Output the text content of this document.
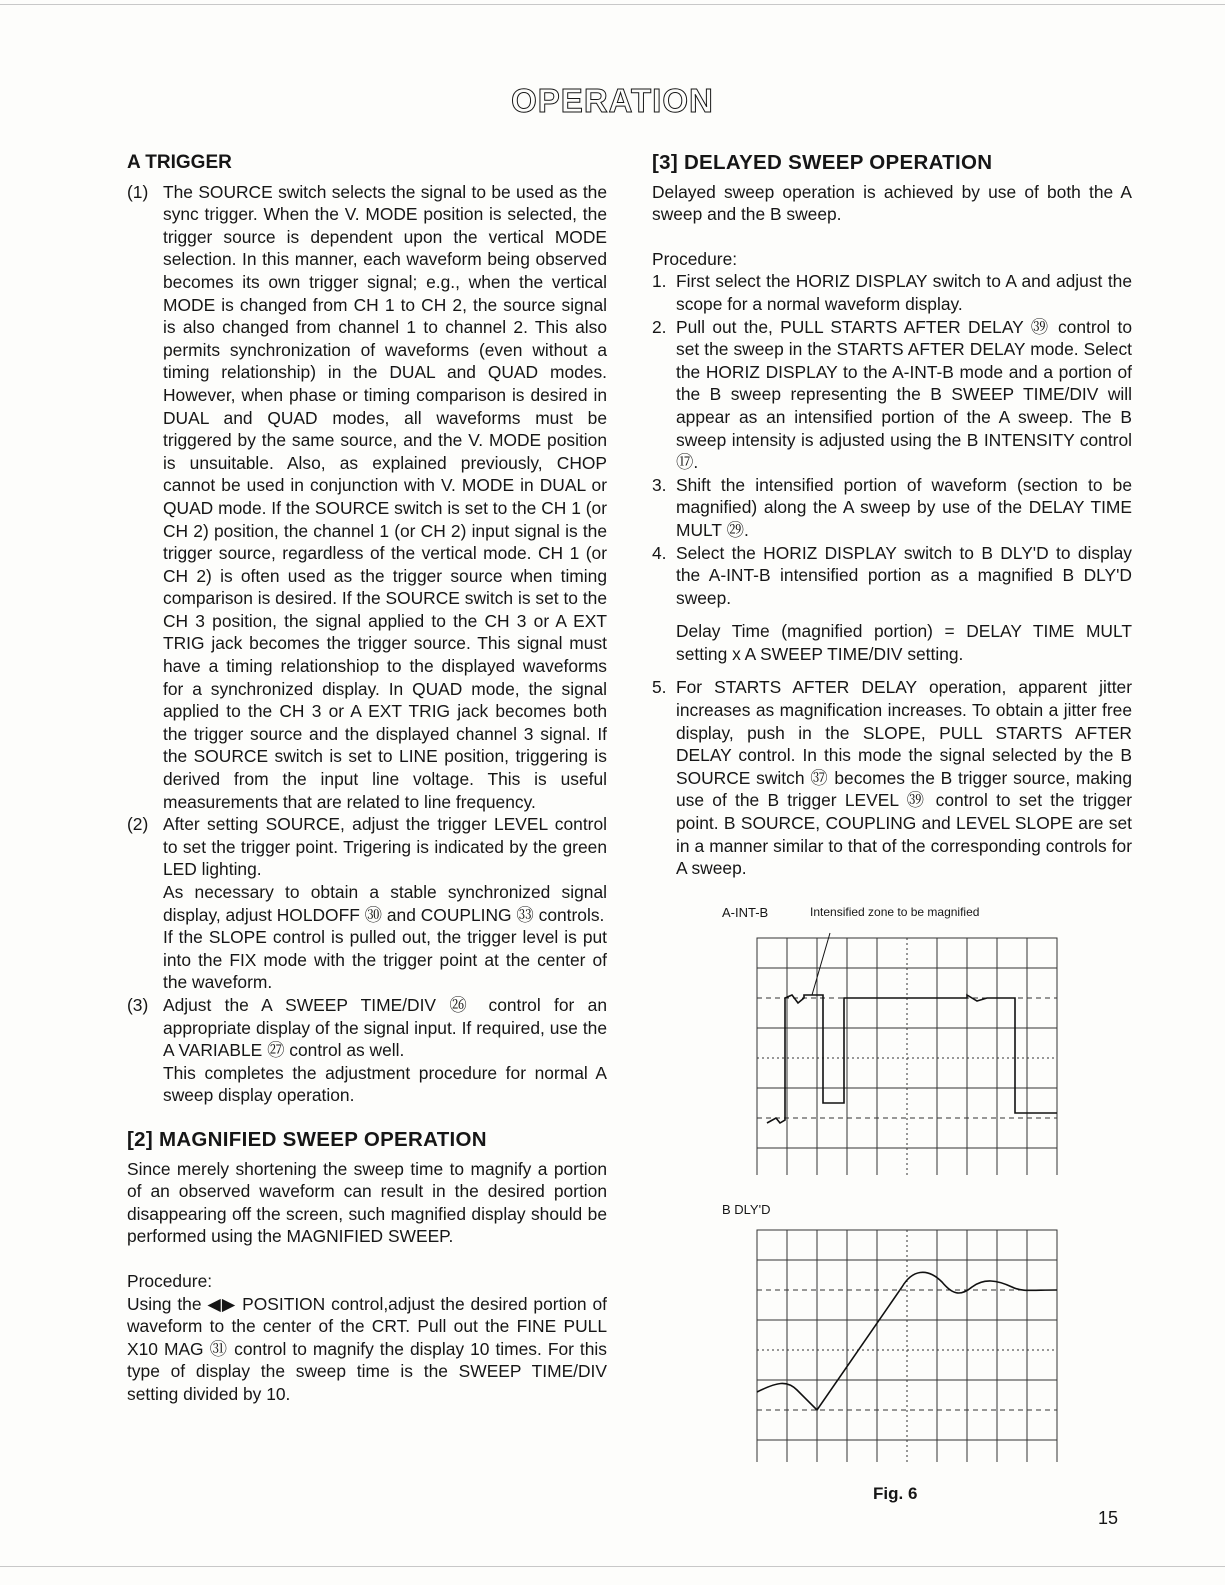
OPERATION
A TRIGGER
(1) The SOURCE switch selects the signal to be used as the sync trigger. When the V. MODE position is selected, the trigger source is dependent upon the vertical MODE selection. In this manner, each waveform being observed becomes its own trigger signal; e.g., when the vertical MODE is changed from CH 1 to CH 2, the source signal is also changed from channel 1 to channel 2. This also permits synchronization of waveforms (even without a timing relationship) in the DUAL and QUAD modes. However, when phase or timing comparison is desired in DUAL and QUAD modes, all waveforms must be triggered by the same source, and the V. MODE position is unsuitable. Also, as explained previously, CHOP cannot be used in conjunction with V. MODE in DUAL or QUAD mode. If the SOURCE switch is set to the CH 1 (or CH 2) position, the channel 1 (or CH 2) input signal is the trigger source, regardless of the vertical mode. CH 1 (or CH 2) is often used as the trigger source when timing comparison is desired. If the SOURCE switch is set to the CH 3 position, the signal applied to the CH 3 or A EXT TRIG jack becomes the trigger source. This signal must have a timing relationshiop to the displayed waveforms for a synchronized display. In QUAD mode, the signal applied to the CH 3 or A EXT TRIG jack becomes both the trigger source and the displayed channel 3 signal. If the SOURCE switch is set to LINE position, triggering is derived from the input line voltage. This is useful measurements that are related to line frequency.

(2) After setting SOURCE, adjust the trigger LEVEL control to set the trigger point. Trigering is indicated by the green LED lighting.

As necessary to obtain a stable synchronized signal display, adjust HOLDOFF ㉚ and COUPLING ㉝ controls.

If the SLOPE control is pulled out, the trigger level is put into the FIX mode with the trigger point at the center of the waveform.

(3) Adjust the A SWEEP TIME/DIV ㉖ control for an appropriate display of the signal input. If required, use the A VARIABLE ㉗ control as well.

This completes the adjustment procedure for normal A sweep display operation.

[2] MAGNIFIED SWEEP OPERATION

Since merely shortening the sweep time to magnify a portion of an observed waveform can result in the desired portion disappearing off the screen, such magnified display should be performed using the MAGNIFIED SWEEP.

Procedure:

Using the ◀▶ POSITION control,adjust the desired portion of waveform to the center of the CRT. Pull out the FINE PULL X10 MAG ㉛ control to magnify the display 10 times. For this type of display the sweep time is the SWEEP TIME/DIV setting divided by 10.

[3] DELAYED SWEEP OPERATION

Delayed sweep operation is achieved by use of both the A sweep and the B sweep.

Procedure:

1. First select the HORIZ DISPLAY switch to A and adjust the scope for a normal waveform display.
2. Pull out the, PULL STARTS AFTER DELAY ㊴ control to set the sweep in the STARTS AFTER DELAY mode. Select the HORIZ DISPLAY to the A-INT-B mode and a portion of the B sweep representing the B SWEEP TIME/DIV will appear as an intensified portion of the A sweep. The B sweep intensity is adjusted using the B INTENSITY control ⑰.
3. Shift the intensified portion of waveform (section to be magnified) along the A sweep by use of the DELAY TIME MULT ㉙.
4. Select the HORIZ DISPLAY switch to B DLY'D to display the A-INT-B intensified portion as a magnified B DLY'D sweep.
Delay Time (magnified portion) = DELAY TIME MULT setting x A SWEEP TIME/DIV setting.
5. For STARTS AFTER DELAY operation, apparent jitter increases as magnification increases. To obtain a jitter free display, push in the SLOPE, PULL STARTS AFTER DELAY control. In this mode the signal selected by the B SOURCE switch ㊲ becomes the B trigger source, making use of the B trigger LEVEL ㊴ control to set the trigger point. B SOURCE, COUPLING and LEVEL SLOPE are set in a manner similar to that of the corresponding controls for A sweep.
A-INT-B	Intensified zone to be magnified
B DLY'D
Fig. 6
15
